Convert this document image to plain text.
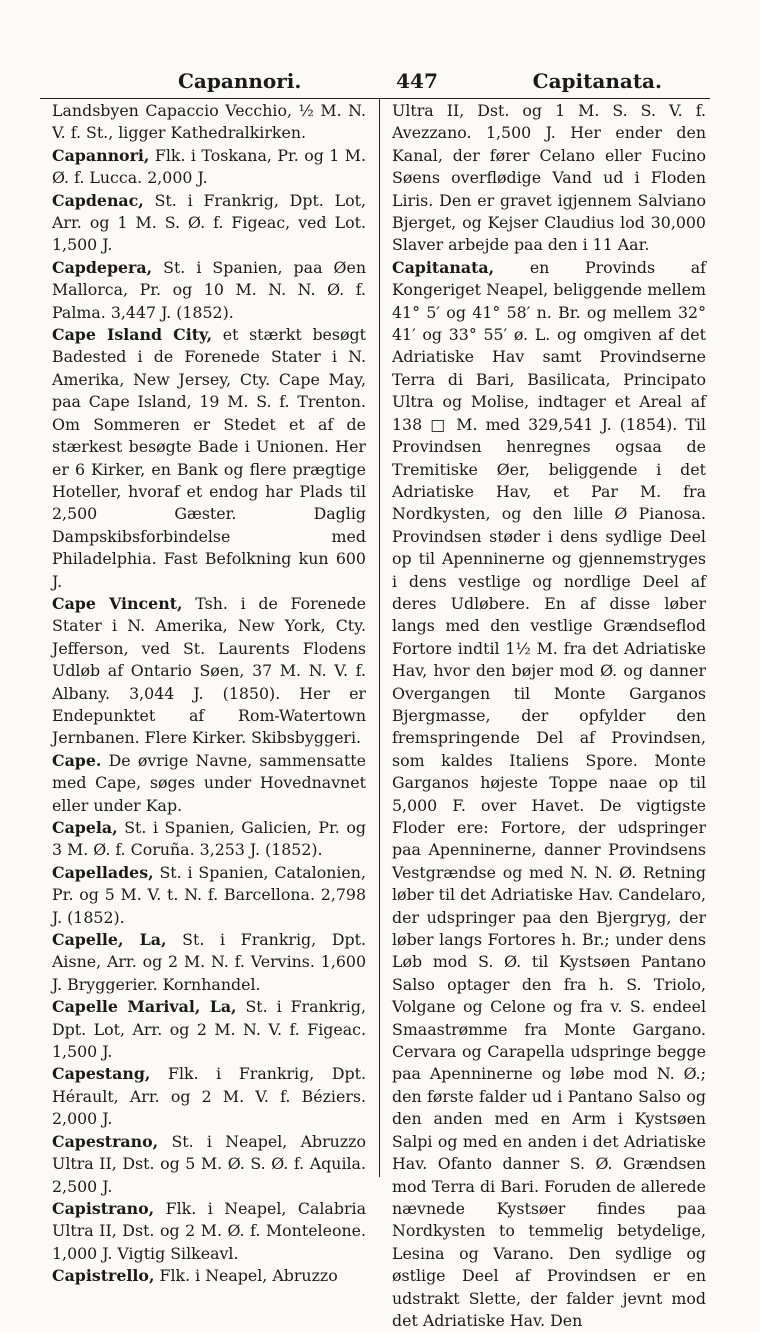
Capannori.	447	Capitanata.

Landsbyen Capaccio Vecchio, ½ M. N. V. f. St., ligger Kathedralkirken.

Capannori, Flk. i Toskana, Pr. og 1 M. Ø. f. Lucca. 2,000 J.

Capdenac, St. i Frankrig, Dpt. Lot, Arr. og 1 M. S. Ø. f. Figeac, ved Lot. 1,500 J.

Capdepera, St. i Spanien, paa Øen Mallorca, Pr. og 10 M. N. N. Ø. f. Palma. 3,447 J. (1852).

Cape Island City, et stærkt besøgt Badested i de Forenede Stater i N. Amerika, New Jersey, Cty. Cape May, paa Cape Island, 19 M. S. f. Trenton. Om Sommeren er Stedet et af de stærkest besøgte Bade i Unionen. Her er 6 Kirker, en Bank og flere prægtige Hoteller, hvoraf et endog har Plads til 2,500 Gæster. Daglig Dampskibsforbindelse med Philadelphia. Fast Befolkning kun 600 J.

Cape Vincent, Tsh. i de Forenede Stater i N. Amerika, New York, Cty. Jefferson, ved St. Laurents Flodens Udløb af Ontario Søen, 37 M. N. V. f. Albany. 3,044 J. (1850). Her er Endepunktet af Rom-Watertown Jernbanen. Flere Kirker. Skibsbyggeri.

Cape. De øvrige Navne, sammensatte med Cape, søges under Hovednavnet eller under Kap.

Capela, St. i Spanien, Galicien, Pr. og 3 M. Ø. f. Coruña. 3,253 J. (1852).

Capellades, St. i Spanien, Catalonien, Pr. og 5 M. V. t. N. f. Barcellona. 2,798 J. (1852).

Capelle, La, St. i Frankrig, Dpt. Aisne, Arr. og 2 M. N. f. Vervins. 1,600 J. Bryggerier. Kornhandel.

Capelle Marival, La, St. i Frankrig, Dpt. Lot, Arr. og 2 M. N. V. f. Figeac. 1,500 J.

Capestang, Flk. i Frankrig, Dpt. Hérault, Arr. og 2 M. V. f. Béziers. 2,000 J.

Capestrano, St. i Neapel, Abruzzo Ultra II, Dst. og 5 M. Ø. S. Ø. f. Aquila. 2,500 J.

Capistrano, Flk. i Neapel, Calabria Ultra II, Dst. og 2 M. Ø. f. Monteleone. 1,000 J. Vigtig Silkeavl.

Capistrello, Flk. i Neapel, Abruzzo

Ultra II, Dst. og 1 M. S. S. V. f. Avezzano. 1,500 J. Her ender den Kanal, der fører Celano eller Fucino Søens overflødige Vand ud i Floden Liris. Den er gravet igjennem Salviano Bjerget, og Kejser Claudius lod 30,000 Slaver arbejde paa den i 11 Aar.

Capitanata, en Provinds af Kongeriget Neapel, beliggende mellem 41° 5′ og 41° 58′ n. Br. og mellem 32° 41′ og 33° 55′ ø. L. og omgiven af det Adriatiske Hav samt Provindserne Terra di Bari, Basilicata, Principato Ultra og Molise, indtager et Areal af 138 □ M. med 329,541 J. (1854). Til Provindsen henregnes ogsaa de Tremitiske Øer, beliggende i det Adriatiske Hav, et Par M. fra Nordkysten, og den lille Ø Pianosa. Provindsen støder i dens sydlige Deel op til Apenninerne og gjennemstryges i dens vestlige og nordlige Deel af deres Udløbere. En af disse løber langs med den vestlige Grændseflod Fortore indtil 1½ M. fra det Adriatiske Hav, hvor den bøjer mod Ø. og danner Overgangen til Monte Garganos Bjergmasse, der opfylder den fremspringende Del af Provindsen, som kaldes Italiens Spore. Monte Garganos højeste Toppe naae op til 5,000 F. over Havet. De vigtigste Floder ere: Fortore, der udspringer paa Apenninerne, danner Provindsens Vestgrændse og med N. N. Ø. Retning løber til det Adriatiske Hav. Candelaro, der udspringer paa den Bjergryg, der løber langs Fortores h. Br.; under dens Løb mod S. Ø. til Kystsøen Pantano Salso optager den fra h. S. Triolo, Volgane og Celone og fra v. S. endeel Smaastrømme fra Monte Gargano. Cervara og Carapella udspringe begge paa Apenninerne og løbe mod N. Ø.; den første falder ud i Pantano Salso og den anden med en Arm i Kystsøen Salpi og med en anden i det Adriatiske Hav. Ofanto danner S. Ø. Grændsen mod Terra di Bari. Foruden de allerede nævnede Kystsøer findes paa Nordkysten to temmelig betydelige, Lesina og Varano. Den sydlige og østlige Deel af Provindsen er en udstrakt Slette, der falder jevnt mod det Adriatiske Hav. Den
